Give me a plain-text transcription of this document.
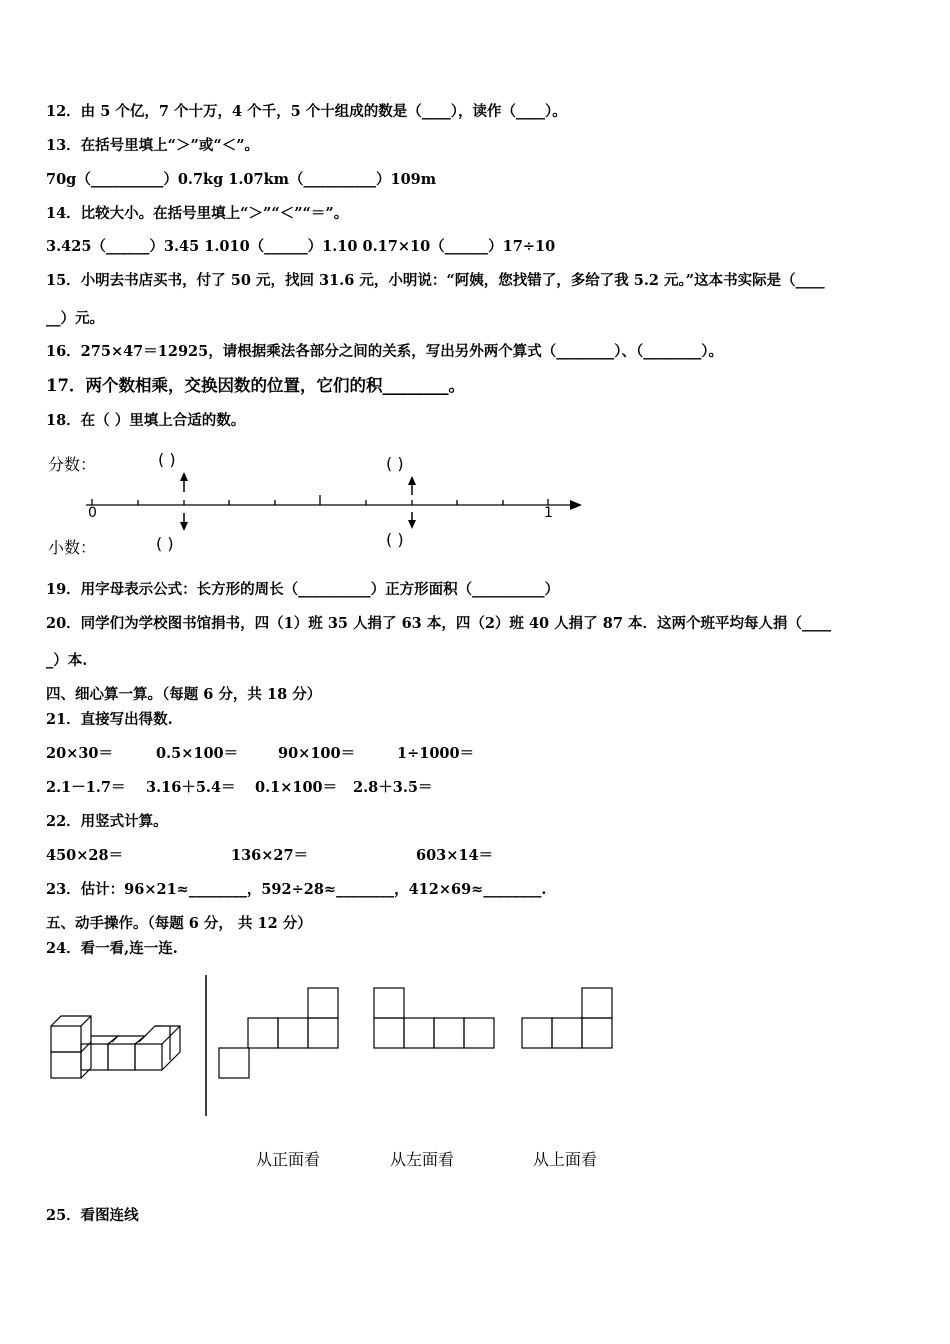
12．由 5 个亿，7 个十万，4 个千，5 个十组成的数是（____），读作（____）。
13．在括号里填上“＞”或“＜”。
70g（__________）0.7kg 1.07km（__________）109m
14．比较大小。在括号里填上“＞”“＜”“＝”。
3.425（______）3.45 1.010（______）1.10 0.17×10（______）17÷10
15．小明去书店买书，付了 50 元，找回 31.6 元，小明说：“阿姨，您找错了，多给了我 5.2 元。”这本书实际是（____
__）元。
16．275×47＝12925，请根据乘法各部分之间的关系，写出另外两个算式（________）、（________）。
17．两个数相乘，交换因数的位置，它们的积________。
18．在（ ）里填上合适的数。
分数：
小数：
( )	( )
( )	( )
0	1
19．用字母表示公式：长方形的周长（__________）正方形面积（__________）
20．同学们为学校图书馆捐书，四（1）班 35 人捐了 63 本，四（2）班 40 人捐了 87 本．这两个班平均每人捐（____
_）本.
四、细心算一算。（每题 6 分，共 18 分）
21．直接写出得数.
20×30＝	0.5×100＝	90×100＝	1÷1000＝
2.1－1.7＝ 3.16＋5.4＝ 0.1×100＝ 2.8＋3.5＝
22．用竖式计算。
450×28＝	136×27＝	603×14＝
23．估计：96×21≈________，592÷28≈________，412×69≈________.
五、动手操作。（每题 6 分， 共 12 分）
24．看一看,连一连.
从正面看	从左面看	从上面看
25．看图连线
